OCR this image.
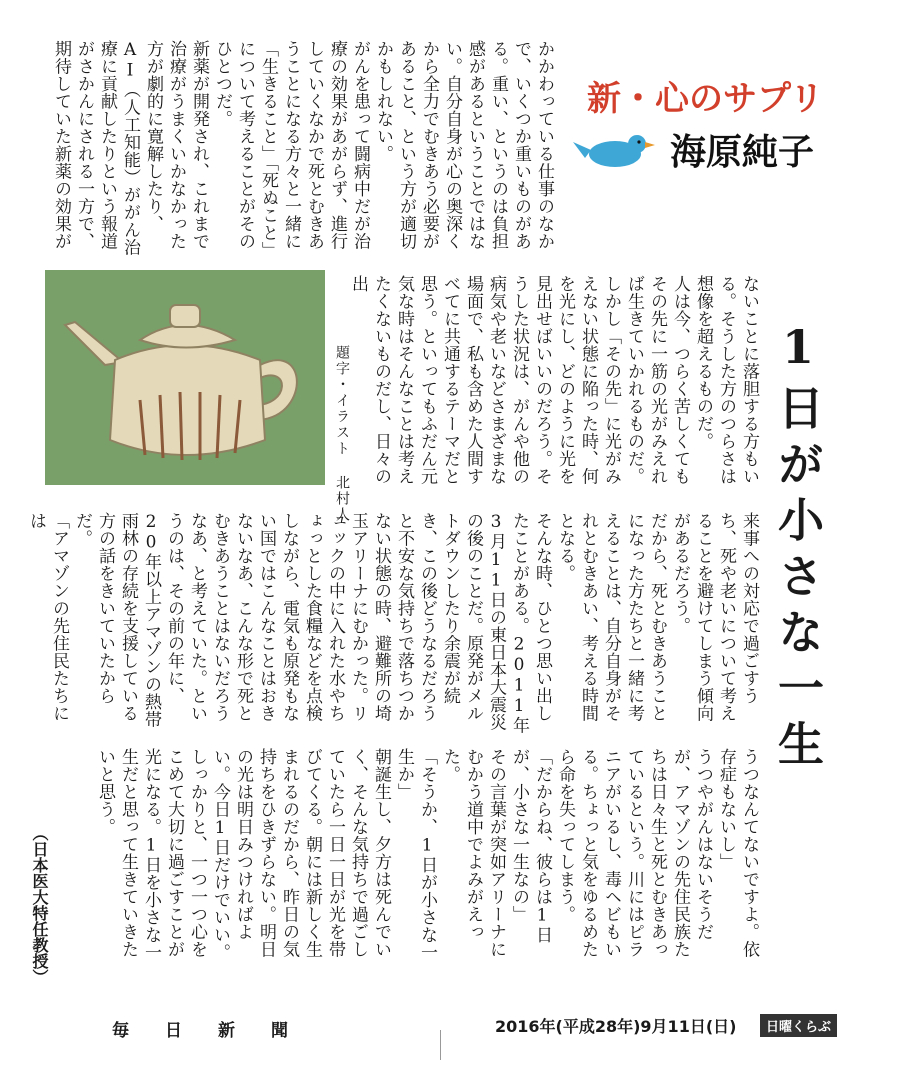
新・心のサプリ
海原純子
1日が小さな一生
かかわっている仕事のなかで、いくつか重いものがある。重い、というのは負担感があるということではない。自分自身が心の奥深くから全力でむきあう必要があること、という方が適切かもしれない。
がんを患って闘病中だが治療の効果があがらず、進行していくなかで死とむきあうことになる方々と一緒に「生きること」「死ぬこと」について考えることがそのひとつだ。
新薬が開発され、これまで治療がうまくいかなかった方が劇的に寛解したり、AI（人工知能）ががん治療に貢献したりという報道がさかんにされる一方で、期待していた新薬の効果が
題字・イラスト 北村人	ないことに落胆する方もいる。そうした方のつらさは想像を超えるものだ。
人は今、つらく苦しくてもその先に一筋の光がみえれば生きていかれるものだ。しかし「その先」に光がみえない状態に陥った時、何を光にし、どのように光を見出せばいいのだろう。そうした状況は、がんや他の病気や老いなどさまざまな場面で、私も含めた人間すべてに共通するテーマだと思う。といってもふだん元気な時はそんなことは考えたくないものだし、日々の出
来事への対応で過ごすうち、死や老いについて考えることを避けてしまう傾向があるだろう。
だから、死とむきあうことになった方たちと一緒に考えることは、自分自身がそれとむきあい、考える時間となる。
そんな時、ひとつ思い出したことがある。2011年3月11日の東日本大震災の後のことだ。原発がメルトダウンしたり余震が続き、この後どうなるだろうと不安な気持ちで落ちつかない状態の時、避難所の埼玉アリーナにむかった。リュックの中に入れた水やちょっとした食糧などを点検しながら、電気も原発もない国ではこんなことはおきないなあ、こんな形で死とむきあうことはないだろうなあ、と考えていた。というのは、その前の年に、20年以上アマゾンの熱帯雨林の存続を支援している方の話をきいていたからだ。
「アマゾンの先住民たちには
うつなんてないですよ。依存症もないし」
うつやがんはないそうだが、アマゾンの先住民族たちは日々生と死とむきあっているという。川にはピラニアがいるし、毒ヘビもいる。ちょっと気をゆるめたら命を失ってしまう。
「だからね、彼らは1日が、小さな一生なの」
その言葉が突如アリーナにむかう道中でよみがえった。
「そうか、1日が小さな一生か」
朝誕生し、夕方は死んでいく、そんな気持ちで過ごしていたら一日一日が光を帯びてくる。朝には新しく生まれるのだから、昨日の気持ちをひきずらない。明日の光は明日みつければよい。今日1日だけでいい。しっかりと、一つ一つ心をこめて大切に過ごすことが光になる。1日を小さな一生だと思って生きていきたいと思う。
（日本医大特任教授）
毎日新聞	2016年(平成28年)9月11日(日)	日曜くらぶ
